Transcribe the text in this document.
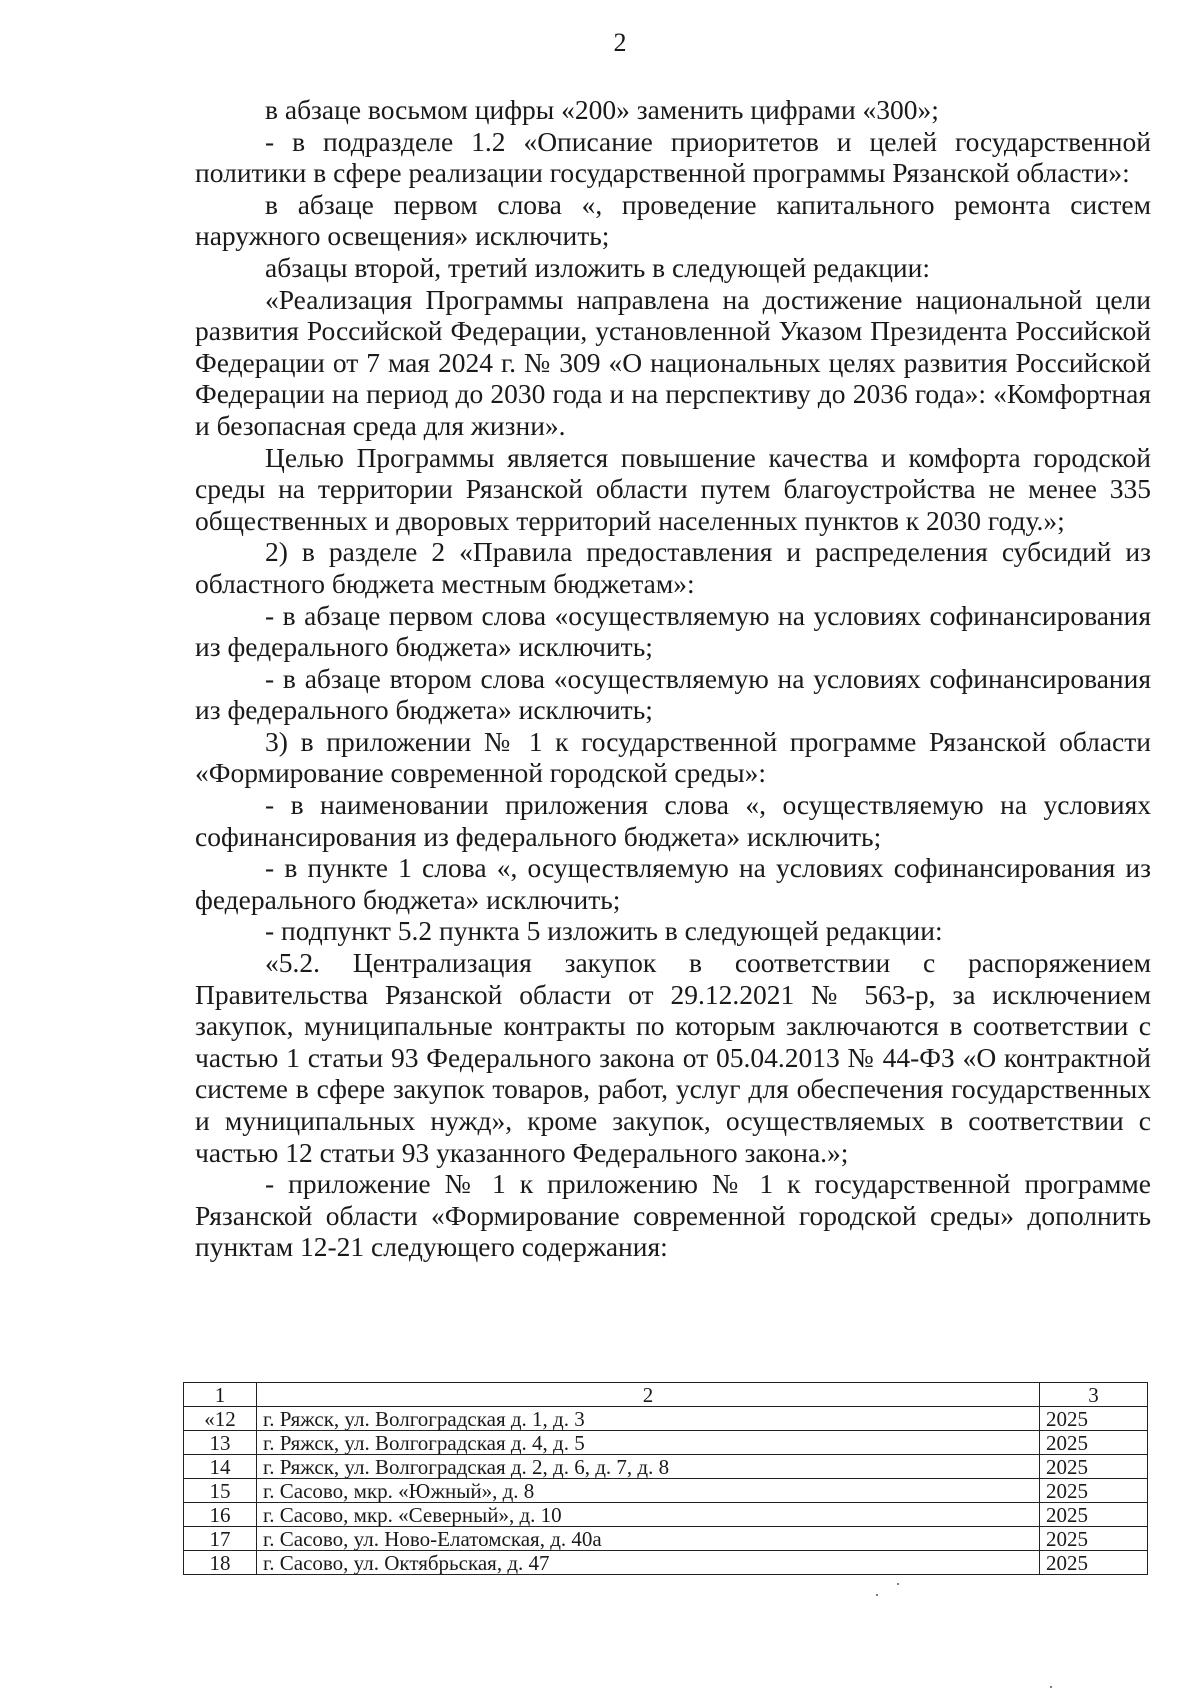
2

в абзаце восьмом цифры «200» заменить цифрами «300»;

- в подразделе 1.2 «Описание приоритетов и целей государственной политики в сфере реализации государственной программы Рязанской области»:

в абзаце первом слова «, проведение капитального ремонта систем наружного освещения» исключить;

абзацы второй, третий изложить в следующей редакции:

«Реализация Программы направлена на достижение национальной цели развития Российской Федерации, установленной Указом Президента Российской Федерации от 7 мая 2024 г. № 309 «О национальных целях развития Российской Федерации на период до 2030 года и на перспективу до 2036 года»: «Комфортная и безопасная среда для жизни».

Целью Программы является повышение качества и комфорта городской среды на территории Рязанской области путем благоустройства не менее 335 общественных и дворовых территорий населенных пунктов к 2030 году.»;

2) в разделе 2 «Правила предоставления и распределения субсидий из областного бюджета местным бюджетам»:

- в абзаце первом слова «осуществляемую на условиях софинансирования из федерального бюджета» исключить;

- в абзаце втором слова «осуществляемую на условиях софинансирования из федерального бюджета» исключить;

3) в приложении № 1 к государственной программе Рязанской области «Формирование современной городской среды»:

- в наименовании приложения слова «, осуществляемую на условиях софинансирования из федерального бюджета» исключить;

- в пункте 1 слова «, осуществляемую на условиях софинансирования из федерального бюджета» исключить;

- подпункт 5.2 пункта 5 изложить в следующей редакции:

«5.2. Централизация закупок в соответствии с распоряжением Правительства Рязанской области от 29.12.2021 № 563-р, за исключением закупок, муниципальные контракты по которым заключаются в соответствии с частью 1 статьи 93 Федерального закона от 05.04.2013 № 44-ФЗ «О контрактной системе в сфере закупок товаров, работ, услуг для обеспечения государственных и муниципальных нужд», кроме закупок, осуществляемых в соответствии с частью 12 статьи 93 указанного Федерального закона.»;

- приложение № 1 к приложению № 1 к государственной программе Рязанской области «Формирование современной городской среды» дополнить пунктам 12-21 следующего содержания:

1	2	3
«12	г. Ряжск, ул. Волгоградская д. 1, д. 3	2025
13	г. Ряжск, ул. Волгоградская д. 4, д. 5	2025
14	г. Ряжск, ул. Волгоградская д. 2, д. 6, д. 7, д. 8	2025
15	г. Сасово, мкр. «Южный», д. 8	2025
16	г. Сасово, мкр. «Северный», д. 10	2025
17	г. Сасово, ул. Ново-Елатомская, д. 40а	2025
18	г. Сасово, ул. Октябрьская, д. 47	2025
